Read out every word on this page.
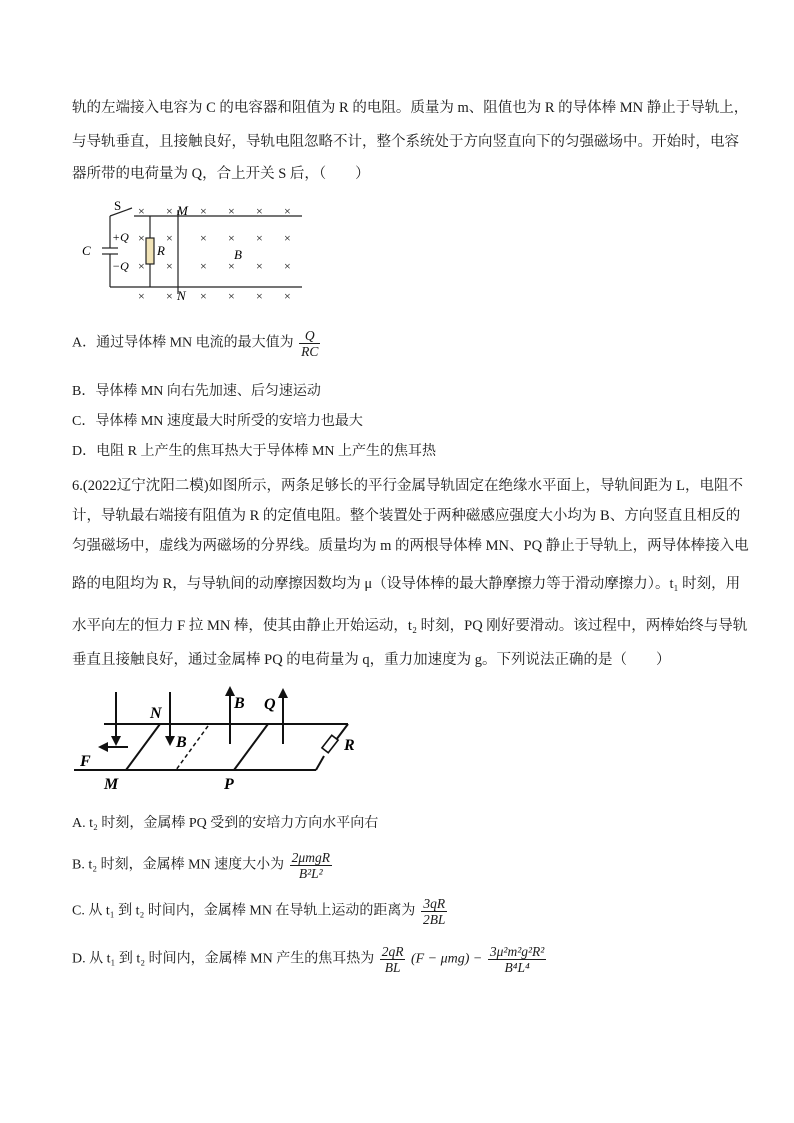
轨的左端接入电容为 C 的电容器和阻值为 R 的电阻。质量为 m、阻值也为 R 的导体棒 MN 静止于导轨上，
与导轨垂直，且接触良好，导轨电阻忽略不计，整个系统处于方向竖直向下的匀强磁场中。开始时，电容
器所带的电荷量为 Q，合上开关 S 后，（　　）
S	M
N
C
+Q
−Q
R	B
× × × ×
× × × ×
× × × ×
× × × ×
× ×
× ×
× ×
× ×
A．通过导体棒 MN 电流的最大值为 $\frac{Q}{RC}$
B．导体棒 MN 向右先加速、后匀速运动
C．导体棒 MN 速度最大时所受的安培力也最大
D．电阻 R 上产生的焦耳热大于导体棒 MN 上产生的焦耳热
6.(2022辽宁沈阳二模)如图所示，两条足够长的平行金属导轨固定在绝缘水平面上，导轨间距为 L，电阻不
计，导轨最右端接有阻值为 R 的定值电阻。整个装置处于两种磁感应强度大小均为 B、方向竖直且相反的
匀强磁场中，虚线为两磁场的分界线。质量均为 m 的两根导体棒 MN、PQ 静止于导轨上，两导体棒接入电
路的电阻均为 R，与导轨间的动摩擦因数均为 μ（设导体棒的最大静摩擦力等于滑动摩擦力）。t₁ 时刻，用
水平向左的恒力 F 拉 MN 棒，使其由静止开始运动，t₂ 时刻，PQ 刚好要滑动。该过程中，两棒始终与导轨
垂直且接触良好，通过金属棒 PQ 的电荷量为 q，重力加速度为 g。下列说法正确的是（　　）
N
B
B Q
R
F
M	P
A. t₂ 时刻，金属棒 PQ 受到的安培力方向水平向右
B. t₂ 时刻，金属棒 MN 速度大小为 $\frac{\text{2μmgR}}{\text{B²L²}}$
C. 从 t₁ 到 t₂ 时间内，金属棒 MN 在导轨上运动的距离为 $\frac{3qR}{2BL}$
D. 从 t₁ 到 t₂ 时间内，金属棒 MN 产生的焦耳热为 $\frac{2qR}{BL} (F - \mu mg) - \frac{\text{3μ²m²g²R²}}{\text{B⁴L⁴}}$
